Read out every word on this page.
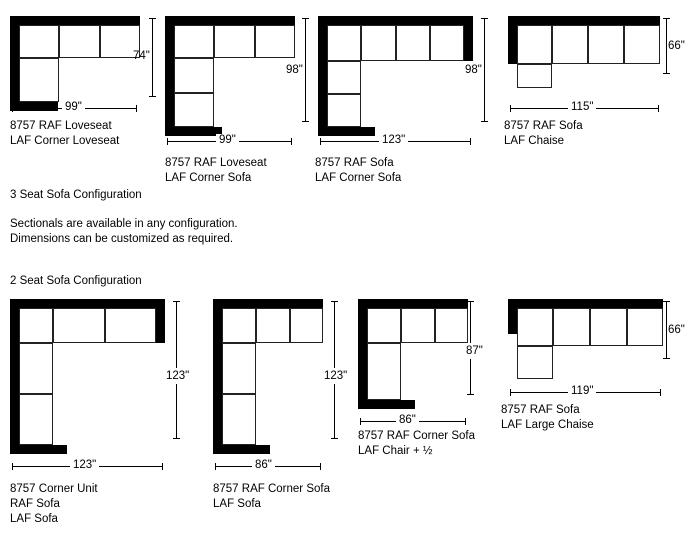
74"
99"
8757 RAF Loveseat
LAF Corner Loveseat
98"
99"
8757 RAF Loveseat
LAF Corner Sofa
98"
123"
8757 RAF Sofa
LAF Corner Sofa
66"
115"
8757 RAF Sofa
LAF Chaise
3 Seat Sofa Configuration
Sectionals are available in any configuration.
Dimensions can be customized as required.
2 Seat Sofa Configuration
123"
123"
8757 Corner Unit
RAF Sofa
LAF Sofa
123"
86"
8757 RAF Corner Sofa
LAF Sofa
87"
86"
8757 RAF Corner Sofa
LAF Chair + ½
66"
119"
8757 RAF Sofa
LAF Large Chaise
